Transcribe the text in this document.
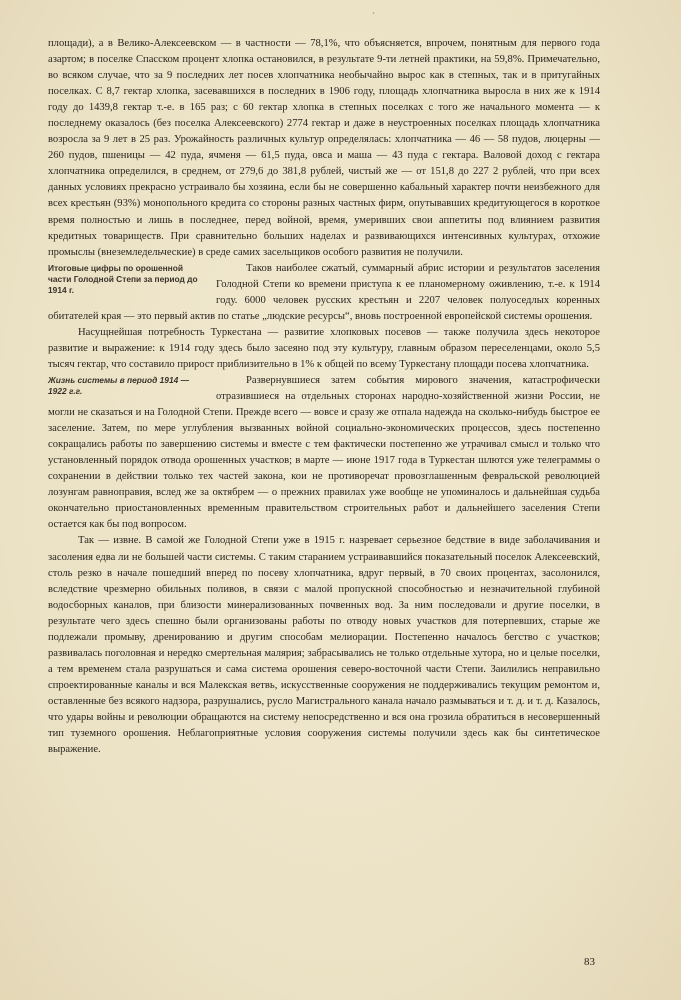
`

площади), а в Велико-Алексеевском — в частности — 78,1%, что объясняется, впрочем, понятным для первого года азартом; в поселке Спасском процент хлопка остановился, в результате 9-ти летней практики, на 59,8%. Примечательно, во всяком случае, что за 9 последних лет посев хлопчатника необычайно вырос как в степных, так и в притугайных поселках. С 8,7 гектар хлопка, засевавшихся в последних в 1906 году, площадь хлопчатника выросла в них же к 1914 году до 1439,8 гектар т.-е. в 165 раз; с 60 гектар хлопка в степных поселках с того же начального момента — к последнему оказалось (без поселка Алексеевского) 2774 гектар и даже в неустроенных поселках площадь хлопчатника возросла за 9 лет в 25 раз. Урожайность различных культур определялась: хлопчатника — 46 — 58 пудов, люцерны — 260 пудов, пшеницы — 42 пуда, ячменя — 61,5 пуда, овса и маша — 43 пуда с гектара. Валовой доход с гектара хлопчатника определился, в среднем, от 279,6 до 381,8 рублей, чистый же — от 151,8 до 227 2 рублей, что при всех данных условиях прекрасно устраивало бы хозяина, если бы не совершенно кабальный характер почти неизбежного для всех крестьян (93%) монопольного кредита со стороны разных частных фирм, опутывавших кредитующегося в короткое время полностью и лишь в последнее, перед войной, время, умеривших свои аппетиты под влиянием развития кредитных товариществ. При сравнительно больших наделах и развивающихся интенсивных культурах, отхожие промыслы (внеземледельческие) в среде самих засельщиков особого развития не получили.

Итоговые цифры по орошенной части Голодной Степи за период до 1914 г.

Таков наиболее сжатый, суммарный абрис истории и результатов заселения Голодной Степи ко времени приступа к ее планомерному оживлению, т.-е. к 1914 году. 6000 человек русских крестьян и 2207 человек полуоседлых коренных обитателей края — это первый актив по статье „людские ресурсы“, вновь построенной европейской системы орошения.

Насущнейшая потребность Туркестана — развитие хлопковых посевов — также получила здесь некоторое развитие и выражение: к 1914 году здесь было засеяно под эту культуру, главным образом переселенцами, около 5,5 тысяч гектар, что составило прирост приблизительно в 1% к общей по всему Туркестану площади посева хлопчатника.

Жизнь системы в период 1914 — 1922 г.г.

Развернувшиеся затем события мирового значения, катастрофически отразившиеся на отдельных сторонах народно-хозяйственной жизни России, не могли не сказаться и на Голодной Степи. Прежде всего — вовсе и сразу же отпала надежда на сколько-нибудь быстрое ее заселение. Затем, по мере углубления вызванных войной социально-экономических процессов, здесь постепенно сокращались работы по завершению системы и вместе с тем фактически постепенно же утрачивал смысл и только что установленный порядок отвода орошенных участков; в марте — июне 1917 года в Туркестан шлются уже телеграммы о сохранении в действии только тех частей закона, кои не противоречат провозглашенным февральской революцией лозунгам равноправия, вслед же за октябрем — о прежних правилах уже вообще не упоминалось и дальнейшая судьба окончательно приостановленных временным правительством строительных работ и дальнейшего заселения Степи остается как бы под вопросом.

Так — извне. В самой же Голодной Степи уже в 1915 г. назревает серьезное бедствие в виде заболачивания и засоления едва ли не большей части системы. С таким старанием устраивавшийся показательный поселок Алексеевский, столь резко в начале пошедший вперед по посеву хлопчатника, вдруг первый, в 70 своих процентах, засолонился, вследствие чрезмерно обильных поливов, в связи с малой пропускной способностью и незначительной глубиной водосборных каналов, при близости минерализованных почвенных вод. За ним последовали и другие поселки, в результате чего здесь спешно были организованы работы по отводу новых участков для потерпевших, старые же подлежали промыву, дренированию и другим способам мелиорации. Постепенно началось бегство с участков; развивалась поголовная и нередко смертельная малярия; забрасывались не только отдельные хутора, но и целые поселки, а тем временем стала разрушаться и сама система орошения северо-восточной части Степи. Заилились неправильно спроектированные каналы и вся Малекская ветвь, искусственные сооружения не поддерживались текущим ремонтом и, оставленные без всякого надзора, разрушались, русло Магистрального канала начало размываться и т. д. и т. д. Казалось, что удары войны и революции обращаются на систему непосредственно и вся она грозила обратиться в несовершенный тип туземного орошения. Неблагоприятные условия сооружения системы получили здесь как бы синтетическое выражение.

83
